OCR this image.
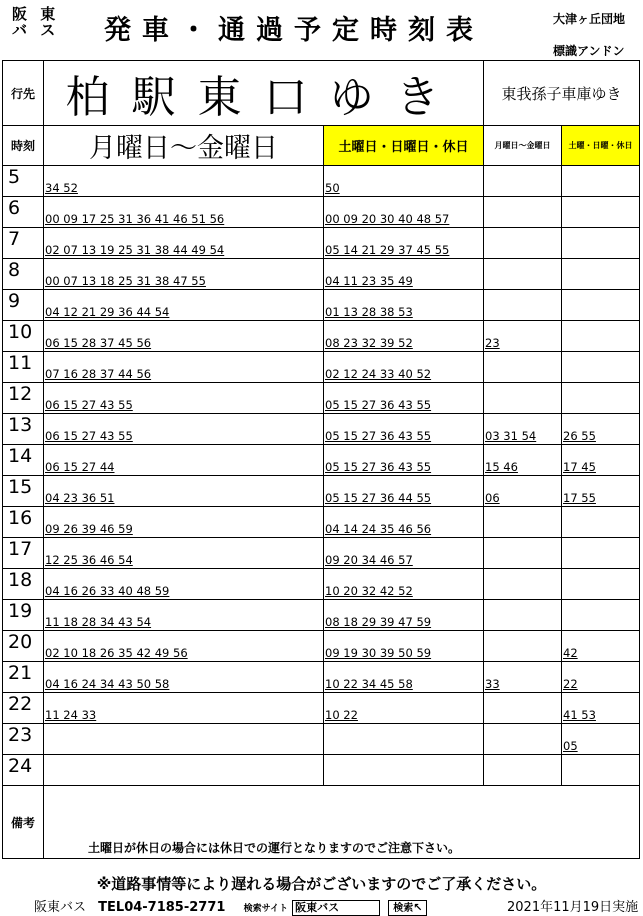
阪 東
バ ス	発車・通過予定時刻表	大津ヶ丘団地
標識アンドン
行先	柏駅東口ゆき		東我孫子車庫ゆき	
時刻	月曜日～金曜日	土曜日・日曜日・休日	月曜日～金曜日	土曜・日曜・休日
5	34 52	50		
6	00 09 17 25 31 36 41 46 51 56	00 09 20 30 40 48 57		
7	02 07 13 19 25 31 38 44 49 54	05 14 21 29 37 45 55		
8	00 07 13 18 25 31 38 47 55	04 11 23 35 49		
9	04 12 21 29 36 44 54	01 13 28 38 53		
10	06 15 28 37 45 56	08 23 32 39 52	23	
11	07 16 28 37 44 56	02 12 24 33 40 52		
12	06 15 27 43 55	05 15 27 36 43 55		
13	06 15 27 43 55	05 15 27 36 43 55	03 31 54	26 55
14	06 15 27 44	05 15 27 36 43 55	15 46	17 45
15	04 23 36 51	05 15 27 36 44 55	06	17 55
16	09 26 39 46 59	04 14 24 35 46 56		
17	12 25 36 46 54	09 20 34 46 57		
18	04 16 26 33 40 48 59	10 20 32 42 52		
19	11 18 28 34 43 54	08 18 29 39 47 59		
20	02 10 18 26 35 42 49 56	09 19 30 39 50 59		42
21	04 16 24 34 43 50 58	10 22 34 45 58	33	22
22	11 24 33	10 22		41 53
23				05
24				
備考	土曜日が休日の場合には休日での運行となりますのでご注意下さい。			
※道路事情等により遅れる場合がございますのでご了承ください。
阪東バス TEL04-7185-2771 検索サイト 阪東バス	検索↖	2021年11月19日実施
